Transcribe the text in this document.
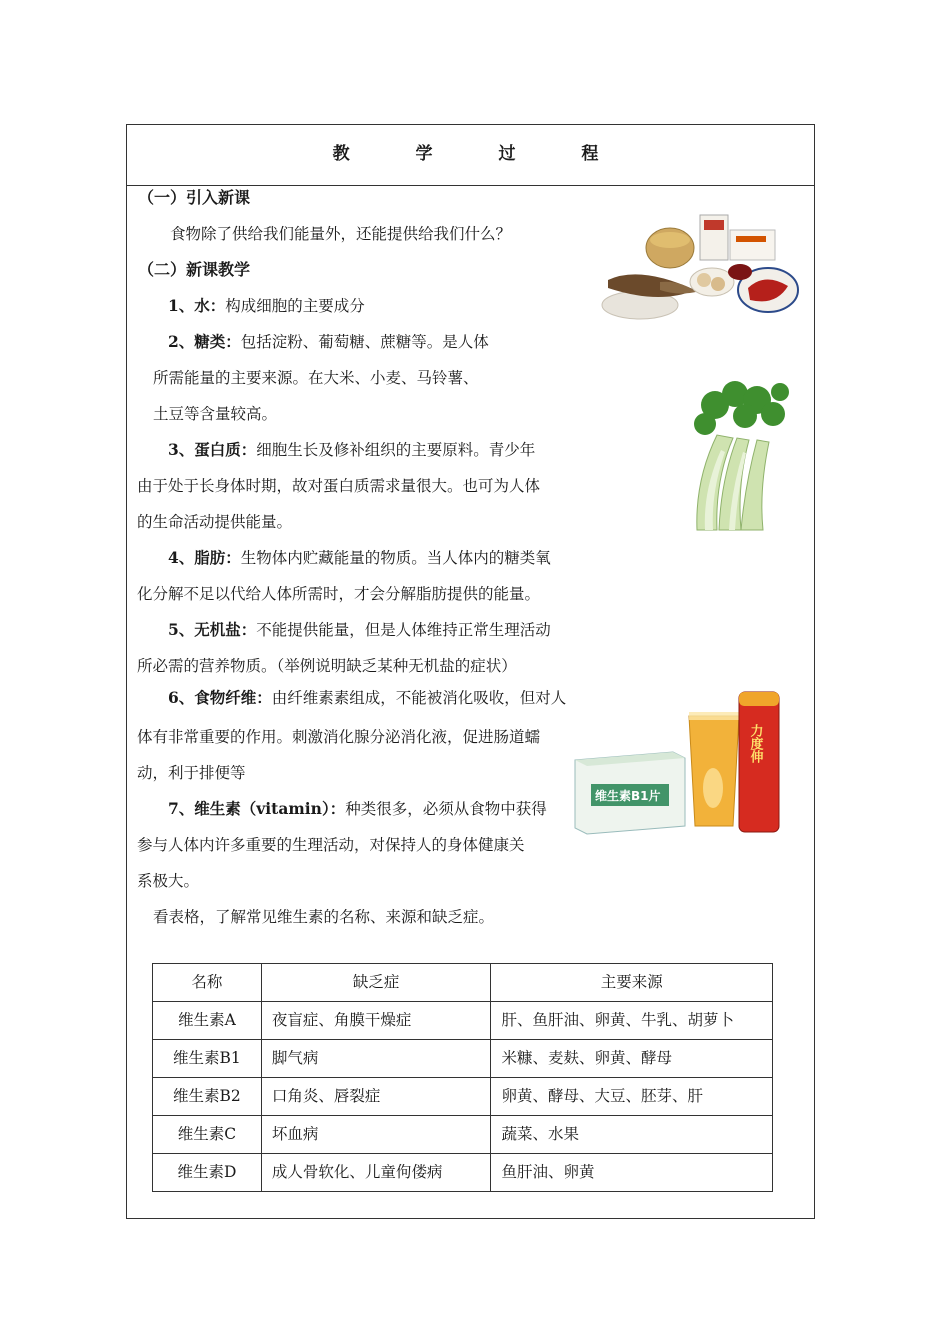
教 学 过 程
（一）引入新课
食物除了供给我们能量外，还能提供给我们什么？
（二）新课教学
1、水：构成细胞的主要成分
2、糖类：包括淀粉、葡萄糖、蔗糖等。是人体
所需能量的主要来源。在大米、小麦、马铃薯、
土豆等含量较高。
3、蛋白质：细胞生长及修补组织的主要原料。青少年
由于处于长身体时期，故对蛋白质需求量很大。也可为人体
的生命活动提供能量。
4、脂肪：生物体内贮藏能量的物质。当人体内的糖类氧
化分解不足以代给人体所需时，才会分解脂肪提供的能量。
5、无机盐：不能提供能量，但是人体维持正常生理活动
所必需的营养物质。（举例说明缺乏某种无机盐的症状）
6、食物纤维：由纤维素素组成，不能被消化吸收，但对人
体有非常重要的作用。刺激消化腺分泌消化液，促进肠道蠕
动，利于排便等
7、维生素（vitamin）：种类很多，必须从食物中获得
参与人体内许多重要的生理活动，对保持人的身体健康关
系极大。
看表格，了解常见维生素的名称、来源和缺乏症。
维生素B1片
力度伸
名称	缺乏症	主要来源
维生素A	夜盲症、角膜干燥症	肝、鱼肝油、卵黄、牛乳、胡萝卜
维生素B1	脚气病	米糠、麦麸、卵黄、酵母
维生素B2	口角炎、唇裂症	卵黄、酵母、大豆、胚芽、肝
维生素C	坏血病	蔬菜、水果
维生素D	成人骨软化、儿童佝偻病	鱼肝油、卵黄
